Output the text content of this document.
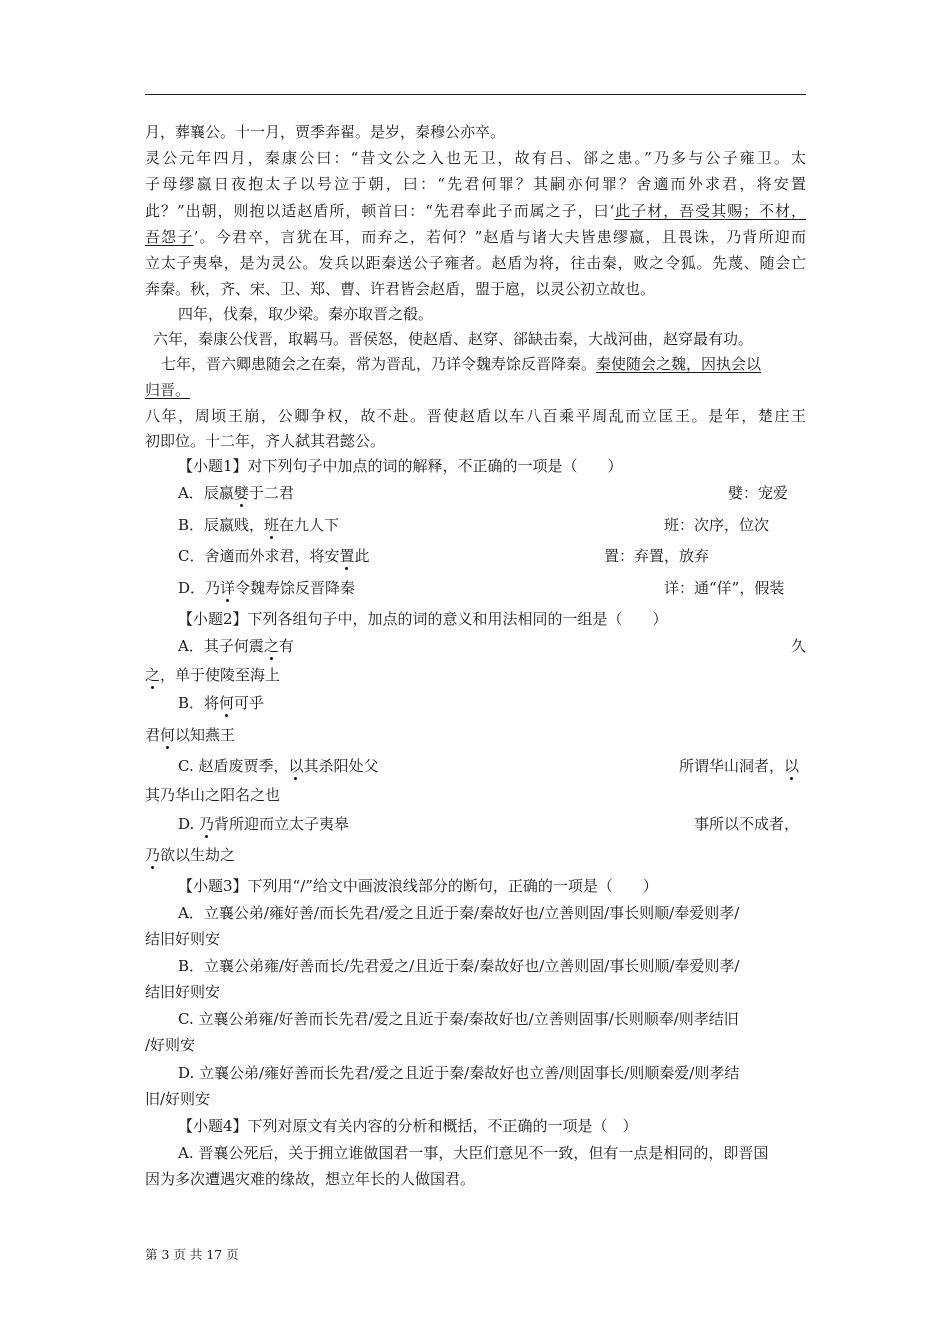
月，葬襄公。十一月，贾季奔翟。是岁，秦穆公亦卒。
灵公元年四月，秦康公曰：“昔文公之入也无卫，故有吕、郤之患。”乃多与公子雍卫。太
子母缪嬴日夜抱太子以号泣于朝，曰：“先君何罪？其嗣亦何罪？舍適而外求君，将安置
此？”出朝，则抱以适赵盾所，顿首曰：“先君奉此子而属之子，曰‘此子材，吾受其赐；不材，
吾怨子’。今君卒，言犹在耳，而弃之，若何？”赵盾与诸大夫皆患缪嬴，且畏诛，乃背所迎而
立太子夷皋，是为灵公。发兵以距秦送公子雍者。赵盾为将，往击秦，败之令狐。先蔑、随会亡
奔秦。秋，齐、宋、卫、郑、曹、许君皆会赵盾，盟于扈，以灵公初立故也。
四年，伐秦，取少梁。秦亦取晋之殽。
六年，秦康公伐晋，取羁马。晋侯怒，使赵盾、赵穿、郤缺击秦，大战河曲，赵穿最有功。
七年，晋六卿患随会之在秦，常为晋乱，乃详令魏寿馀反晋降秦。秦使随会之魏，因执会以
归晋。
八年，周顷王崩，公卿争权，故不赴。晋使赵盾以车八百乘平周乱而立匡王。是年，楚庄王
初即位。十二年，齐人弑其君懿公。
【小题1】对下列句子中加点的词的解释，不正确的一项是（　　）
A．辰嬴嬖于二君	嬖：宠爱
B．辰嬴贱，班在九人下	班：次序，位次
C．舍適而外求君，将安置此	置：弃置，放弃
D．乃详令魏寿馀反晋降秦	详：通“佯”，假装
【小题2】下列各组句子中，加点的词的意义和用法相同的一组是（　　）
A．其子何震之有	久
之，单于使陵至海上
B．将何可乎
君何以知燕王
C. 赵盾废贾季，以其杀阳处父	所谓华山洞者，以
其乃华山之阳名之也
D. 乃背所迎而立太子夷皋	事所以不成者，
乃欲以生劫之
【小题3】下列用“/”给文中画波浪线部分的断句，正确的一项是（　　）
A．立襄公弟/雍好善/而长先君/爱之且近于秦/秦故好也/立善则固/事长则顺/奉爱则孝/
结旧好则安
B．立襄公弟雍/好善而长/先君爱之/且近于秦/秦故好也/立善则固/事长则顺/奉爱则孝/
结旧好则安
C. 立襄公弟雍/好善而长先君/爱之且近于秦/秦故好也/立善则固事/长则顺奉/则孝结旧
/好则安
D. 立襄公弟/雍好善而长先君/爱之且近于秦/秦故好也立善/则固事长/则顺秦爱/则孝结
旧/好则安
【小题4】下列对原文有关内容的分析和概括，不正确的一项是（　）
A. 晋襄公死后，关于拥立谁做国君一事，大臣们意见不一致，但有一点是相同的，即晋国
因为多次遭遇灾难的缘故，想立年长的人做国君。
第 3 页 共 17 页
